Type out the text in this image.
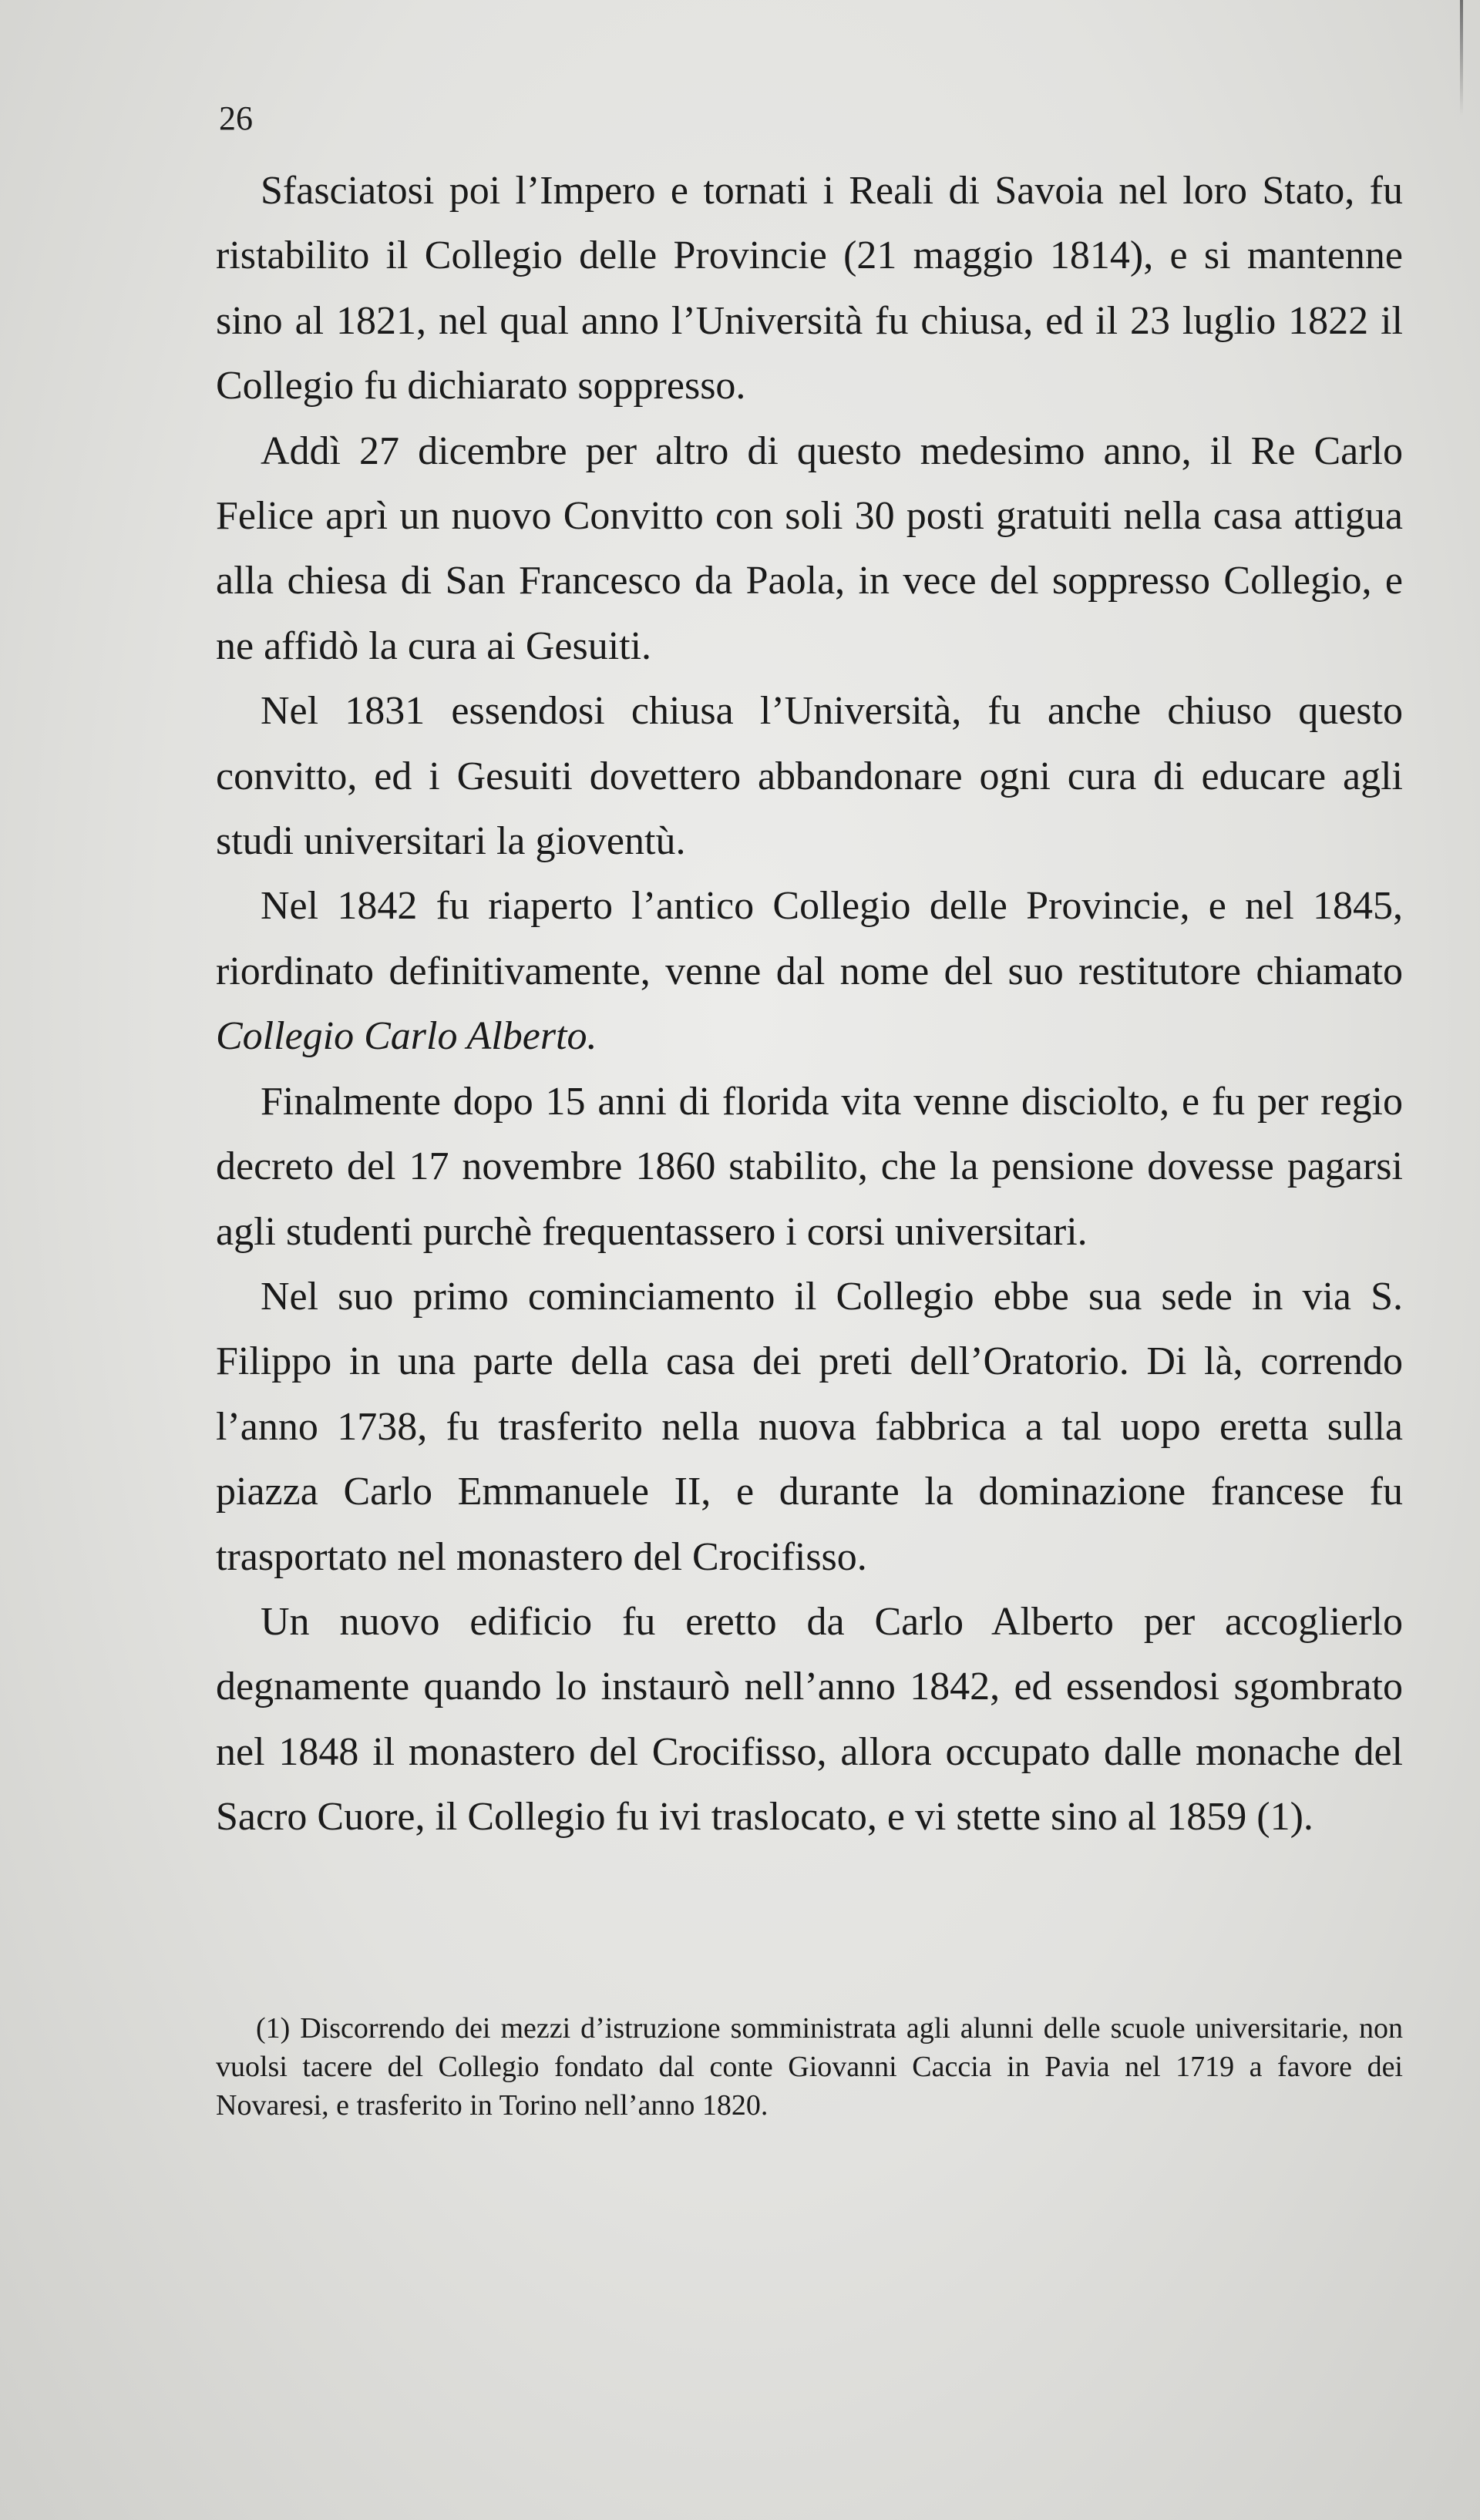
26

Sfasciatosi poi l’Impero e tornati i Reali di Savoia nel loro Stato, fu ristabilito il Collegio delle Provincie (21 maggio 1814), e si mantenne sino al 1821, nel qual anno l’Università fu chiusa, ed il 23 luglio 1822 il Collegio fu dichiarato soppresso.

Addì 27 dicembre per altro di questo medesimo anno, il Re Carlo Felice aprì un nuovo Convitto con soli 30 posti gratuiti nella casa attigua alla chiesa di San Francesco da Paola, in vece del soppresso Collegio, e ne affidò la cura ai Gesuiti.

Nel 1831 essendosi chiusa l’Università, fu anche chiuso questo convitto, ed i Gesuiti dovettero abbandonare ogni cura di educare agli studi universitari la gioventù.

Nel 1842 fu riaperto l’antico Collegio delle Provincie, e nel 1845, riordinato definitivamente, venne dal nome del suo restitutore chiamato Collegio Carlo Alberto.

Finalmente dopo 15 anni di florida vita venne disciolto, e fu per regio decreto del 17 novembre 1860 stabilito, che la pensione dovesse pagarsi agli studenti purchè frequentassero i corsi universitari.

Nel suo primo cominciamento il Collegio ebbe sua sede in via S. Filippo in una parte della casa dei preti dell’Oratorio. Di là, correndo l’anno 1738, fu trasferito nella nuova fabbrica a tal uopo eretta sulla piazza Carlo Emmanuele II, e durante la dominazione francese fu trasportato nel monastero del Crocifisso.

Un nuovo edificio fu eretto da Carlo Alberto per accoglierlo degnamente quando lo instaurò nell’anno 1842, ed essendosi sgombrato nel 1848 il monastero del Crocifisso, allora occupato dalle monache del Sacro Cuore, il Collegio fu ivi traslocato, e vi stette sino al 1859 (1).

(1) Discorrendo dei mezzi d’istruzione somministrata agli alunni delle scuole universitarie, non vuolsi tacere del Collegio fondato dal conte Giovanni Caccia in Pavia nel 1719 a favore dei Novaresi, e trasferito in Torino nell’anno 1820.
